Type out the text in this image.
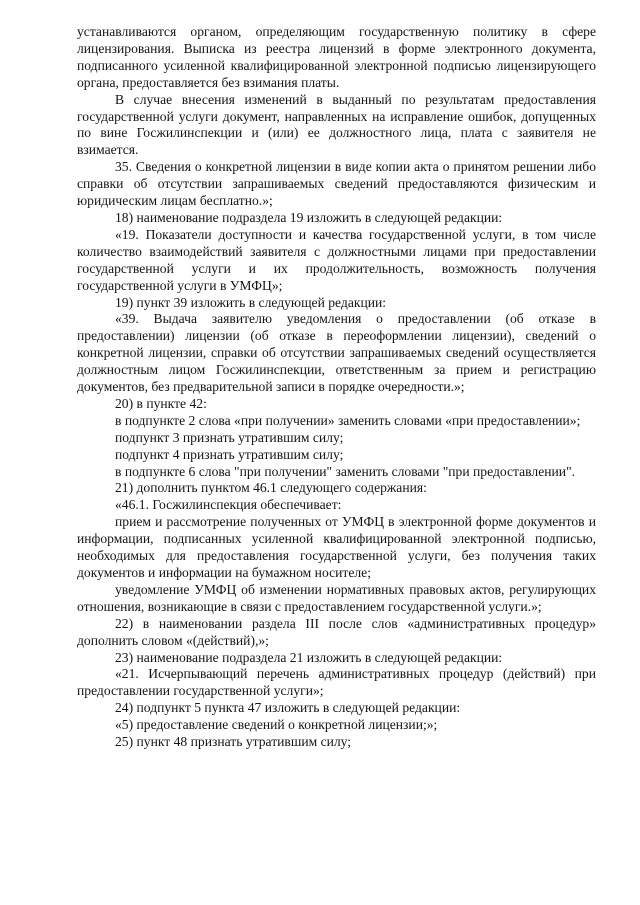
устанавливаются органом, определяющим государственную политику в сфере лицензирования. Выписка из реестра лицензий в форме электронного документа, подписанного усиленной квалифицированной электронной подписью лицензирующего органа, предоставляется без взимания платы.

В случае внесения изменений в выданный по результатам предоставления государственной услуги документ, направленных на исправление ошибок, допущенных по вине Госжилинспекции и (или) ее должностного лица, плата с заявителя не взимается.

35. Сведения о конкретной лицензии в виде копии акта о принятом решении либо справки об отсутствии запрашиваемых сведений предоставляются физическим и юридическим лицам бесплатно.»;

18) наименование подраздела 19 изложить в следующей редакции:

«19. Показатели доступности и качества государственной услуги, в том числе количество взаимодействий заявителя с должностными лицами при предоставлении государственной услуги и их продолжительность, возможность получения государственной услуги в УМФЦ»;

19) пункт 39 изложить в следующей редакции:

«39. Выдача заявителю уведомления о предоставлении (об отказе в предоставлении) лицензии (об отказе в переоформлении лицензии), сведений о конкретной лицензии, справки об отсутствии запрашиваемых сведений осуществляется должностным лицом Госжилинспекции, ответственным за прием и регистрацию документов, без предварительной записи в порядке очередности.»;

20) в пункте 42:

в подпункте 2 слова «при получении» заменить словами «при предоставлении»;

подпункт 3 признать утратившим силу;

подпункт 4 признать утратившим силу;

в подпункте 6 слова "при получении" заменить словами "при предоставлении".

21) дополнить пунктом 46.1 следующего содержания:

«46.1. Госжилинспекция обеспечивает:

прием и рассмотрение полученных от УМФЦ в электронной форме документов и информации, подписанных усиленной квалифицированной электронной подписью, необходимых для предоставления государственной услуги, без получения таких документов и информации на бумажном носителе;

уведомление УМФЦ об изменении нормативных правовых актов, регулирующих отношения, возникающие в связи с предоставлением государственной услуги.»;

22) в наименовании раздела III после слов «административных процедур» дополнить словом «(действий),»;

23) наименование подраздела 21 изложить в следующей редакции:

«21. Исчерпывающий перечень административных процедур (действий) при предоставлении государственной услуги»;

24) подпункт 5 пункта 47 изложить в следующей редакции:

«5) предоставление сведений о конкретной лицензии;»;

25) пункт 48 признать утратившим силу;
